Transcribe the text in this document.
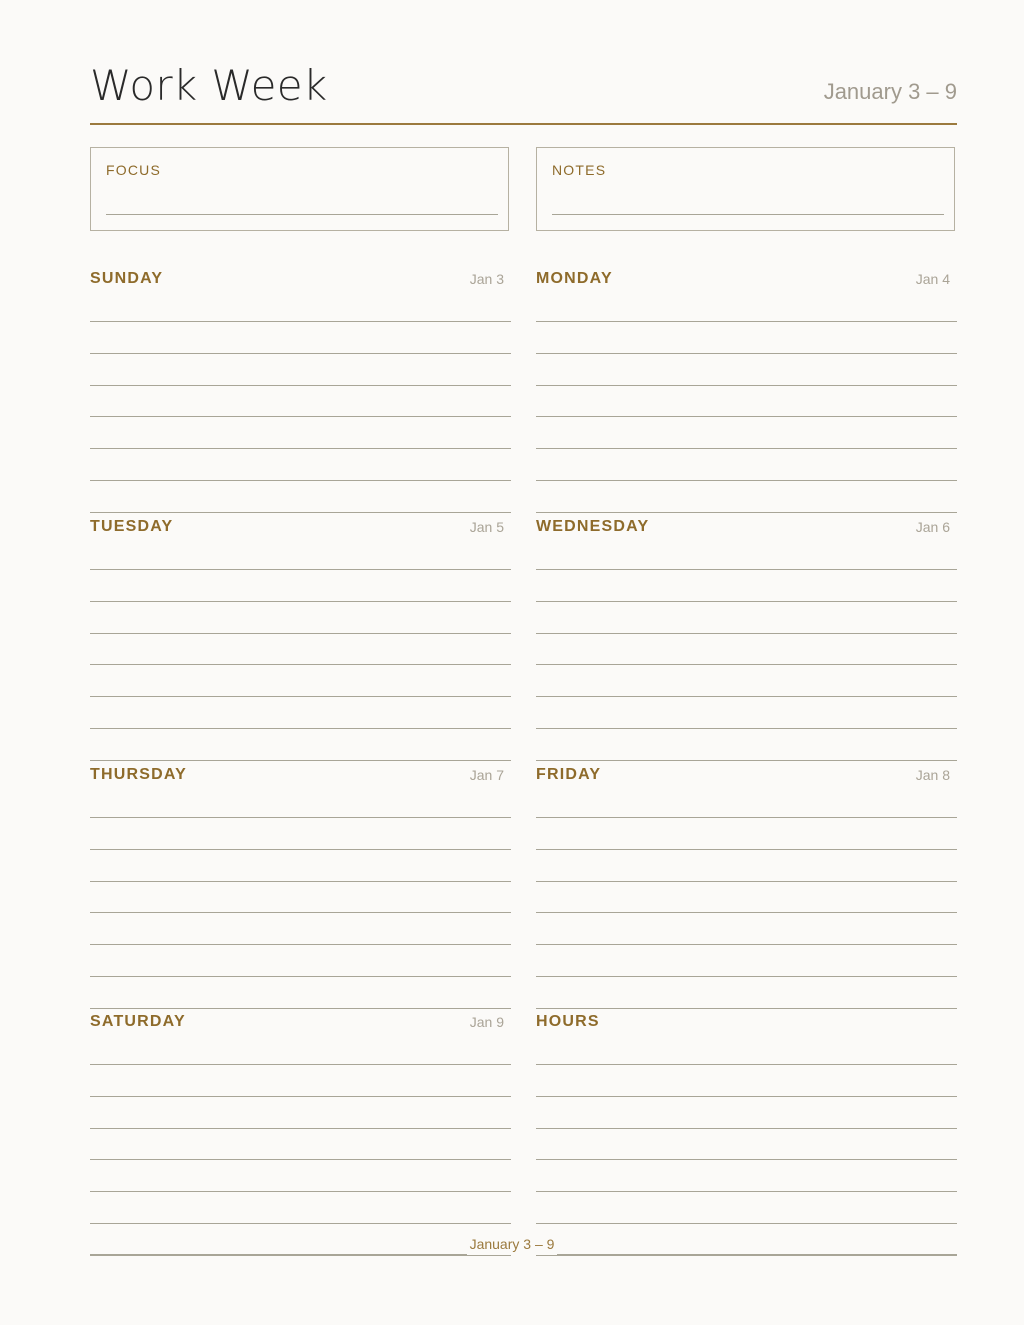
Work Week	January 3 – 9
FOCUS	NOTES
SUNDAY	Jan 3 MONDAY	Jan 4
TUESDAY	Jan 5 WEDNESDAY	Jan 6
THURSDAY	Jan 7 FRIDAY	Jan 8
SATURDAY	Jan 9 HOURS
January 3 – 9
